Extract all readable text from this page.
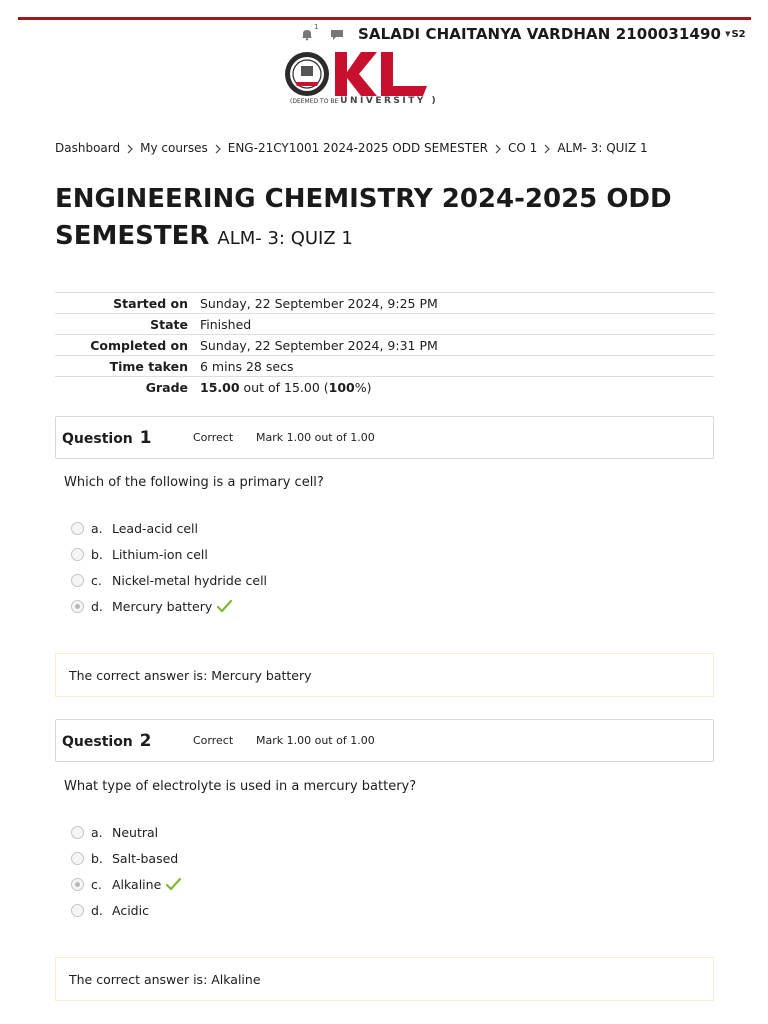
1	SALADI CHAITANYA VARDHAN 2100031490 ▼ S2
(DEEMED TO BE UNIVERSITY )
Dashboard My courses ENG-21CY1001 2024-2025 ODD SEMESTER CO 1 ALM- 3: QUIZ 1
ENGINEERING CHEMISTRY 2024-2025 ODD SEMESTER ALM- 3: QUIZ 1
Started on	Sunday, 22 September 2024, 9:25 PM
State	Finished
Completed on	Sunday, 22 September 2024, 9:31 PM
Time taken	6 mins 28 secs
Grade	15.00 out of 15.00 (100%)
Question 1	Correct	Mark 1.00 out of 1.00
Which of the following is a primary cell?
a. Lead-acid cell
b. Lithium-ion cell
c. Nickel-metal hydride cell
d. Mercury battery
The correct answer is: Mercury battery
Question 2	Correct	Mark 1.00 out of 1.00
What type of electrolyte is used in a mercury battery?
a. Neutral
b. Salt-based
c. Alkaline
d. Acidic
The correct answer is: Alkaline
